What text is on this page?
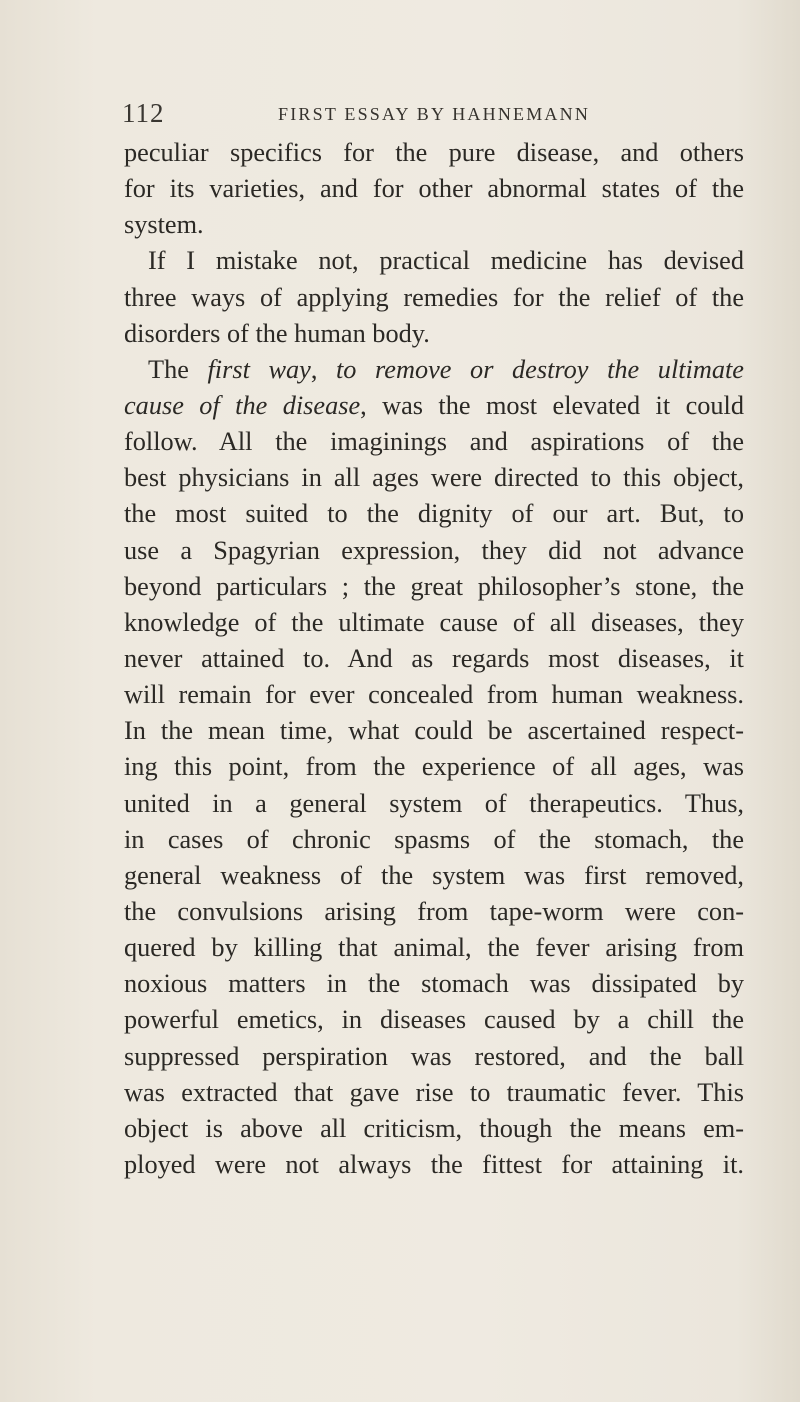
112	FIRST ESSAY BY HAHNEMANN
peculiar specifics for the pure disease, and others
for its varieties, and for other abnormal states of the
system.
If I mistake not, practical medicine has devised
three ways of applying remedies for the relief of the
disorders of the human body.
The first way, to remove or destroy the ultimate
cause of the disease, was the most elevated it could
follow. All the imaginings and aspirations of the
best physicians in all ages were directed to this object,
the most suited to the dignity of our art. But, to
use a Spagyrian expression, they did not advance
beyond particulars ; the great philosopher’s stone, the
knowledge of the ultimate cause of all diseases, they
never attained to. And as regards most diseases, it
will remain for ever concealed from human weakness.
In the mean time, what could be ascertained respect-
ing this point, from the experience of all ages, was
united in a general system of therapeutics. Thus,
in cases of chronic spasms of the stomach, the
general weakness of the system was first removed,
the convulsions arising from tape-worm were con-
quered by killing that animal, the fever arising from
noxious matters in the stomach was dissipated by
powerful emetics, in diseases caused by a chill the
suppressed perspiration was restored, and the ball
was extracted that gave rise to traumatic fever. This
object is above all criticism, though the means em-
ployed were not always the fittest for attaining it.
